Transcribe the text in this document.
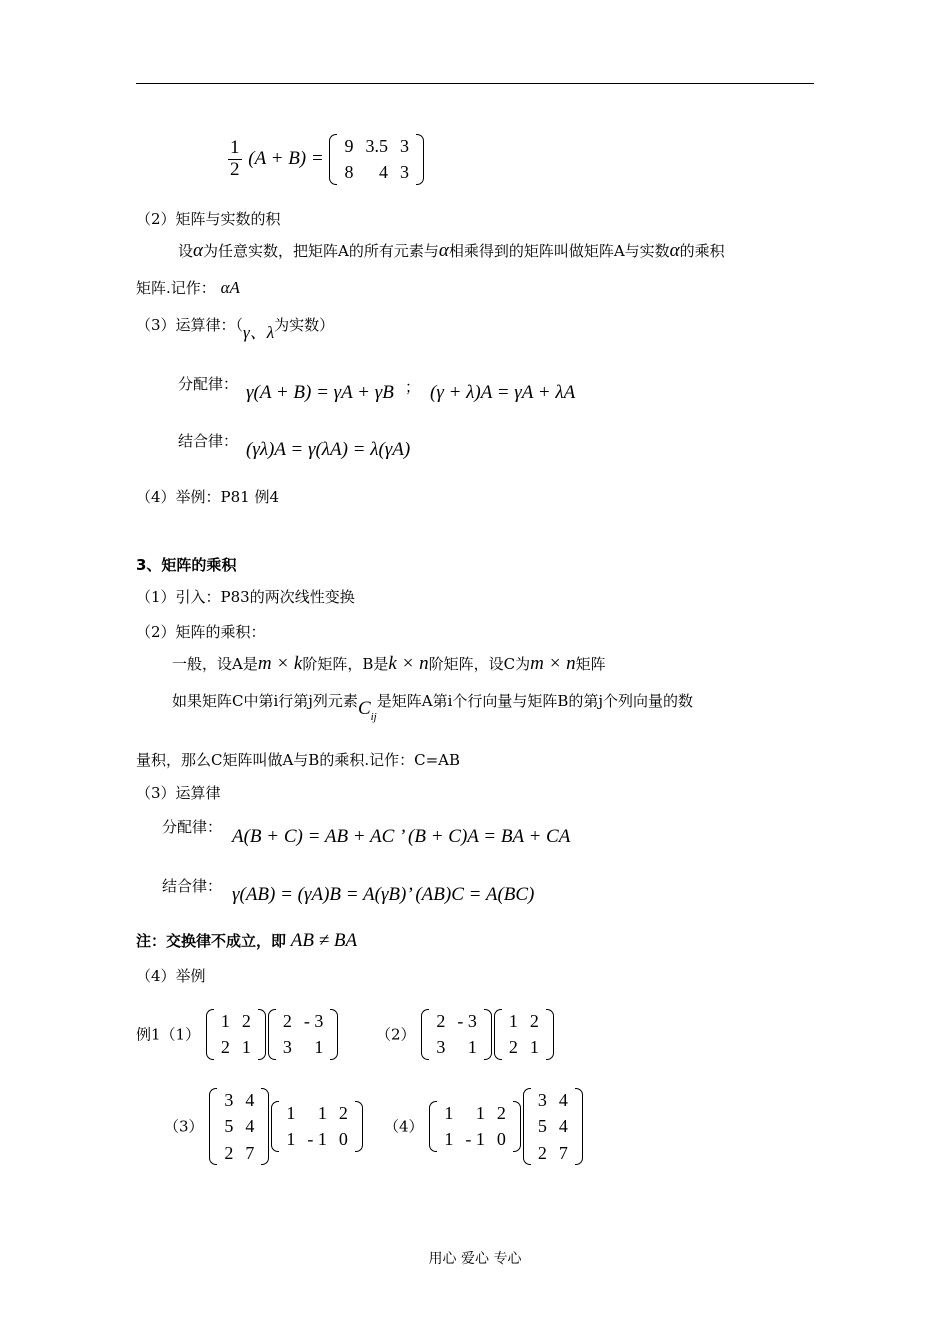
$\frac{1}{2} (A + B)$ =
9	3.5	3
8	4	3
（2）矩阵与实数的积
设α为任意实数，把矩阵A的所有元素与α相乘得到的矩阵叫做矩阵A与实数α的乘积
矩阵.记作： αA
（3）运算律：（γ、λ为实数）
分配律： γ(A + B) = γA + γB ； (γ + λ)A = γA + λA
结合律： (γλ)A = γ(λA) = λ(γA)
（4）举例：P81 例4
3、矩阵的乘积
（1）引入：P83的两次线性变换
（2）矩阵的乘积：
一般，设A是m × k阶矩阵，B是k × n阶矩阵，设C为m × n矩阵
如果矩阵C中第i行第j列元素$C_{ij}$是矩阵A第i个行向量与矩阵B的第j个列向量的数
量积，那么C矩阵叫做A与B的乘积.记作：C=AB
（3）运算律
分配律： A(B + C) = AB + AC ’ (B + C)A = BA + CA
结合律： γ(AB) = (γA)B = A(γB)’ (AB)C = A(BC)
注：交换律不成立，即 AB ≠ BA
（4）举例
例1（1）
1	2
2	1
2	- 3
3	1
（2）
2	- 3
3	1
1	2
2	1
（3）
3	4
5	4
2	7
1	1	2
1	- 1	0
（4）
1	1	2
1	- 1	0
3	4
5	4
2	7
用心 爱心 专心
